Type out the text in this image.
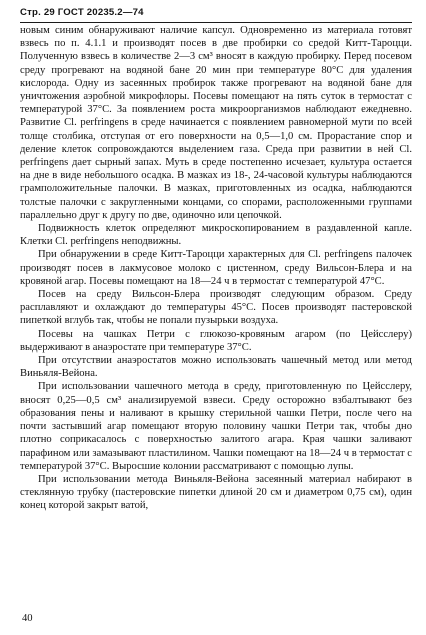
Стр. 29 ГОСТ 20235.2—74

новым синим обнаруживают наличие капсул. Одновременно из материала готовят взвесь по п. 4.1.1 и производят посев в две пробирки со средой Китт-Тароцци. Полученную взвесь в количестве 2—3 см³ вносят в каждую пробирку. Перед посевом среду прогревают на водяной бане 20 мин при температуре 80°С для удаления кислорода. Одну из засеянных пробирок также прогревают на водяной бане для уничтожения аэробной микрофлоры. Посевы помещают на пять суток в термостат с температурой 37°С. За появлением роста микроорганизмов наблюдают ежедневно. Развитие Cl. perfringens в среде начинается с появлением равномерной мути по всей толще столбика, отступая от его поверхности на 0,5—1,0 см. Прорастание спор и деление клеток сопровождаются выделением газа. Среда при развитии в ней Cl. perfringens дает сырный запах. Муть в среде постепенно исчезает, культура остается на дне в виде небольшого осадка. В мазках из 18-, 24-часовой культуры наблюдаются грамположительные палочки. В мазках, приготовленных из осадка, наблюдаются толстые палочки с закругленными концами, со спорами, расположенными группами параллельно друг к другу по две, одиночно или цепочкой.

Подвижность клеток определяют микроскопированием в раздавленной капле. Клетки Cl. perfringens неподвижны.

При обнаружении в среде Китт-Тароцци характерных для Cl. perfringens палочек производят посев в лакмусовое молоко с цистенном, среду Вильсон-Блера и на кровяной агар. Посевы помещают на 18—24 ч в термостат с температурой 47°С.

Посев на среду Вильсон-Блера производят следующим образом. Среду расплавляют и охлаждают до температуры 45°С. Посев производят пастеровской пипеткой вглубь так, чтобы не попали пузырьки воздуха.

Посевы на чашках Петри с глюкозо-кровяным агаром (по Цейсслеру) выдерживают в анаэростате при температуре 37°С.

При отсутствии анаэростатов можно использовать чашечный метод или метод Виньяля-Вейона.

При использовании чашечного метода в среду, приготовленную по Цейсслеру, вносят 0,25—0,5 см³ анализируемой взвеси. Среду осторожно взбалтывают без образования пены и наливают в крышку стерильной чашки Петри, после чего на почти застывший агар помещают вторую половину чашки Петри так, чтобы дно плотно соприкасалось с поверхностью залитого агара. Края чашки заливают парафином или замазывают пластилином. Чашки помещают на 18—24 ч в термостат с температурой 37°С. Выросшие колонии рассматривают с помощью лупы.

При использовании метода Виньяля-Вейона засеянный материал набирают в стеклянную трубку (пастеровские пипетки длиной 20 см и диаметром 0,75 см), один конец которой закрыт ватой,

40
